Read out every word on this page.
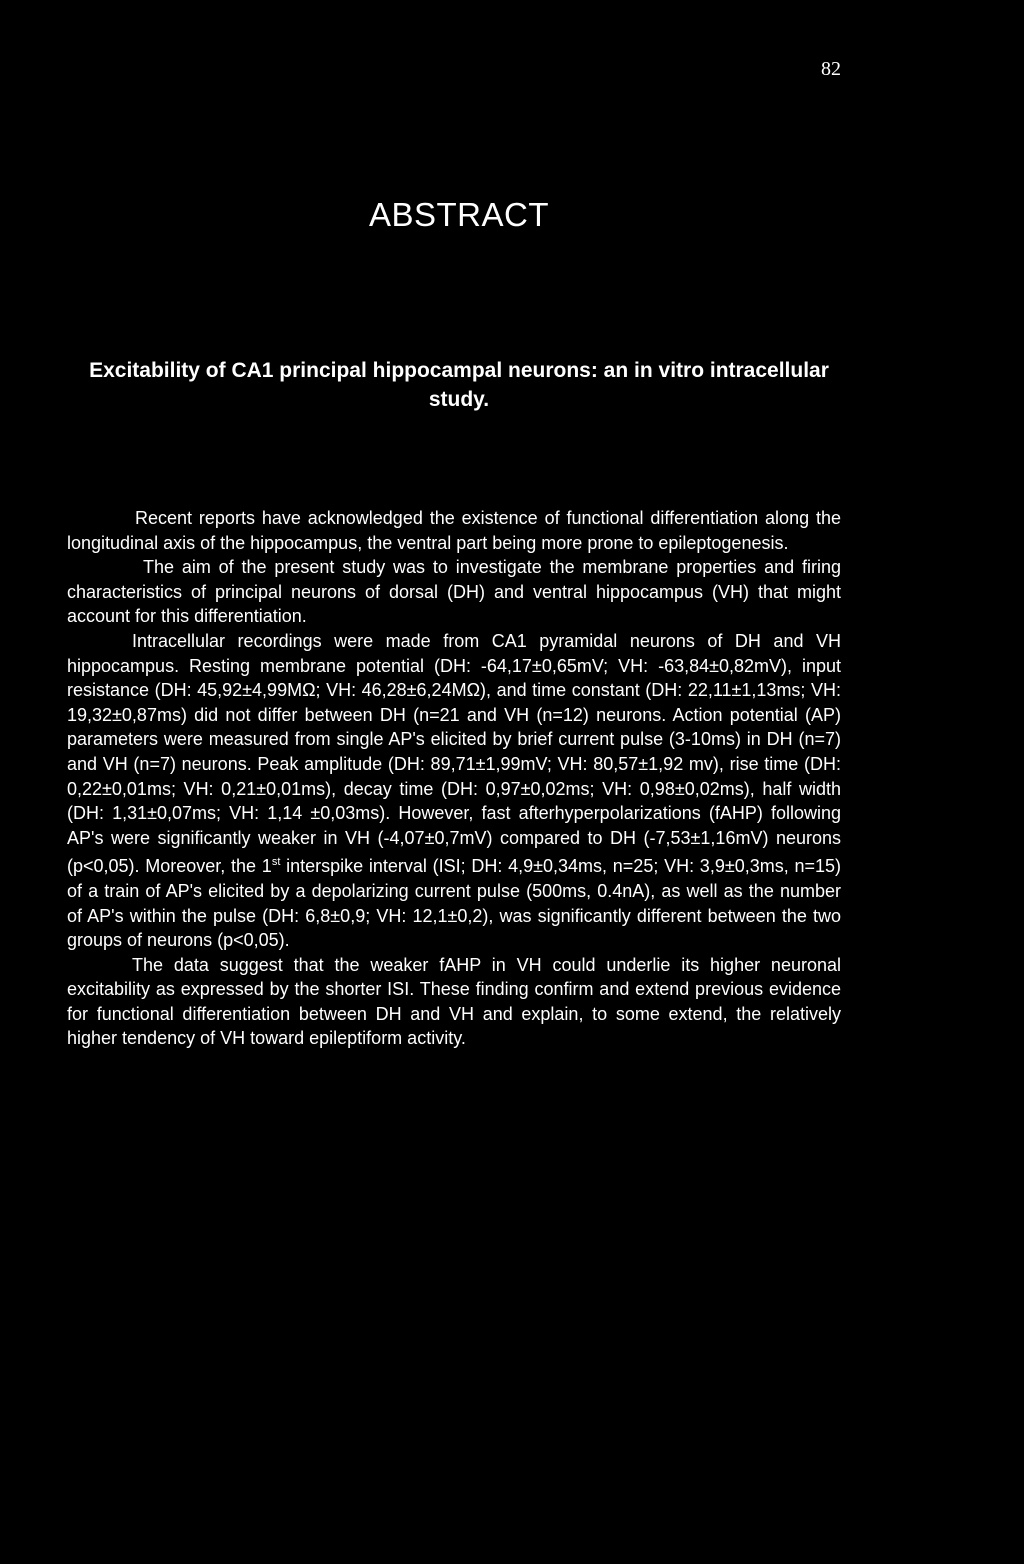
82
ABSTRACT
Excitability of CA1 principal hippocampal neurons: an in vitro intracellular study.

Recent reports have acknowledged the existence of functional differentiation along the longitudinal axis of the hippocampus, the ventral part being more prone to epileptogenesis.

The aim of the present study was to investigate the membrane properties and firing characteristics of principal neurons of dorsal (DH) and ventral hippocampus (VH) that might account for this differentiation.

Intracellular recordings were made from CA1 pyramidal neurons of DH and VH hippocampus. Resting membrane potential (DH: -64,17±0,65mV; VH: -63,84±0,82mV), input resistance (DH: 45,92±4,99MΩ; VH: 46,28±6,24MΩ), and time constant (DH: 22,11±1,13ms; VH: 19,32±0,87ms) did not differ between DH (n=21 and VH (n=12) neurons. Action potential (AP) parameters were measured from single AP's elicited by brief current pulse (3-10ms) in DH (n=7) and VH (n=7) neurons. Peak amplitude (DH: 89,71±1,99mV; VH: 80,57±1,92 mv), rise time (DH: 0,22±0,01ms; VH: 0,21±0,01ms), decay time (DH: 0,97±0,02ms; VH: 0,98±0,02ms), half width (DH: 1,31±0,07ms; VH: 1,14 ±0,03ms). However, fast afterhyperpolarizations (fAHP) following AP's were significantly weaker in VH (-4,07±0,7mV) compared to DH (-7,53±1,16mV) neurons (p<0,05). Moreover, the 1st interspike interval (ISI; DH: 4,9±0,34ms, n=25; VH: 3,9±0,3ms, n=15) of a train of AP's elicited by a depolarizing current pulse (500ms, 0.4nA), as well as the number of AP's within the pulse (DH: 6,8±0,9; VH: 12,1±0,2), was significantly different between the two groups of neurons (p<0,05).

The data suggest that the weaker fAHP in VH could underlie its higher neuronal excitability as expressed by the shorter ISI. These finding confirm and extend previous evidence for functional differentiation between DH and VH and explain, to some extend, the relatively higher tendency of VH toward epileptiform activity.
